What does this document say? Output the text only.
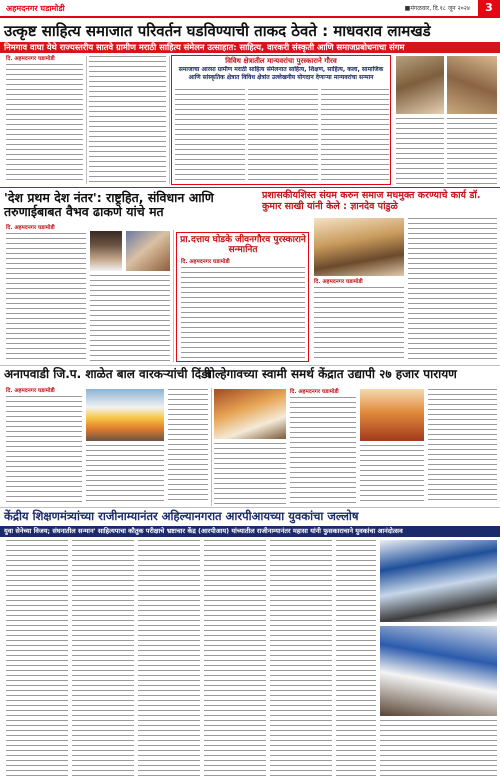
अहमदनगर घडामोडी	■मंगळवार, दि.१८ जून २०२४	3
उत्कृष्ट साहित्य समाजात परिवर्तन घडविण्याची ताकद ठेवते : माधवराव लामखडे
निमगाव वाघा येथे राज्यस्तरीय सातवे ग्रामीण मराठी साहित्य संमेलन उत्साहात: साहित्य, वारकरी संस्कृती आणि समाजप्रबोधनाचा संगम
दि. अहमदनगर घडामोडी	विविध क्षेत्रातील मान्यवरांचा पुरस्काराने गौरव
समाजाचा आरसा ग्रामीण मराठी साहित्य संमेलनात साहित्य, शिक्षण, साहित्य, कला, सामाजिक आणि सांस्कृतिक क्षेत्रात विविध क्षेत्रांत उल्लेखनीय योगदान देणाऱ्या मान्यवरांचा सन्मान
'देश प्रथम देश नंतर': राष्ट्रहित, संविधान आणि तरुणाईबाबत वैभव ढाकणे यांचे मत
दि. अहमदनगर घडामोडी
प्रा.दत्ताय घोडके जीवनगौरव पुरस्काराने सन्मानित
दि. अहमदनगर घडामोडी
प्रशासकीयशिस्त संयम करुन समाज मधमुक्त करण्याचे कार्य डॉ. कुमार साखी यांनी केले : ज्ञानदेव पांडुळे
दि. अहमदनगर घडामोडी
अनापवाडी जि.प. शाळेत बाल वारकऱ्यांची दिंडी
बोल्हेगावच्या स्वामी समर्थ केंद्रात उद्यापी २७ हजार पारायण
दि. अहमदनगर घडामोडी	दि. अहमदनगर घडामोडी
केंद्रीय शिक्षणमंत्र्यांच्या राजीनाम्यानंतर अहिल्यानगरात आरपीआयच्या युवकांचा जल्लोष
युवा सेनेच्या विजय; संघनातील सन्मान' साहित्यपाचा कौतुक परीक्षाचे भ्रष्टाचार केंद्र (आरपीआय) यांच्यातील राजीनाम्यानंतर महासा यांनी फुसकाराचाने युवकांचा आनंदोत्सव
